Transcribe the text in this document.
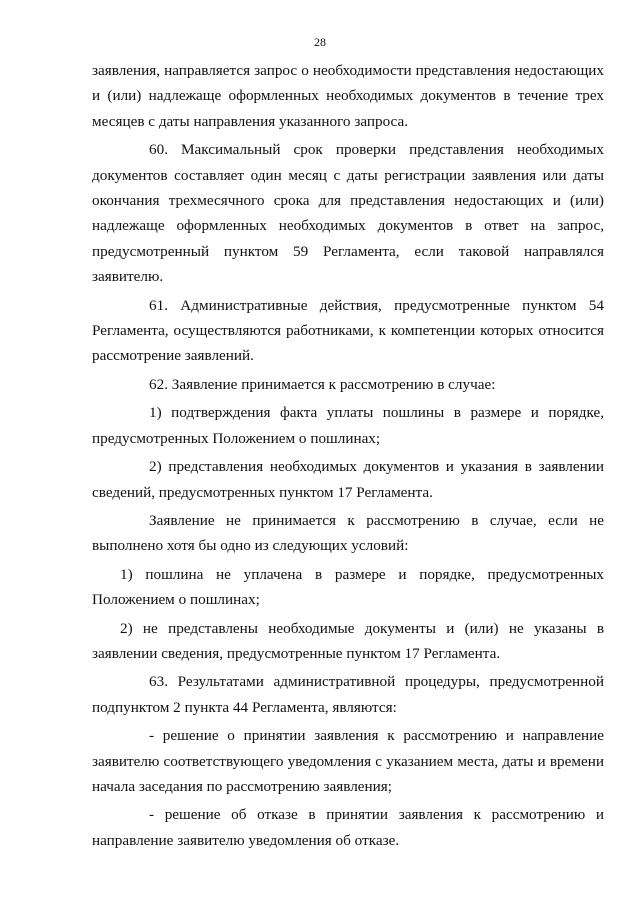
28

заявления, направляется запрос о необходимости представления недостающих и (или) надлежаще оформленных необходимых документов в течение трех месяцев с даты направления указанного запроса.

60. Максимальный срок проверки представления необходимых документов составляет один месяц с даты регистрации заявления или даты окончания трехмесячного срока для представления недостающих и (или) надлежаще оформленных необходимых документов в ответ на запрос, предусмотренный пунктом 59 Регламента, если таковой направлялся заявителю.

61. Административные действия, предусмотренные пунктом 54 Регламента, осуществляются работниками, к компетенции которых относится рассмотрение заявлений.

62. Заявление принимается к рассмотрению в случае:

1) подтверждения факта уплаты пошлины в размере и порядке, предусмотренных Положением о пошлинах;

2) представления необходимых документов и указания в заявлении сведений, предусмотренных пунктом 17 Регламента.

Заявление не принимается к рассмотрению в случае, если не выполнено хотя бы одно из следующих условий:

1) пошлина не уплачена в размере и порядке, предусмотренных Положением о пошлинах;

2) не представлены необходимые документы и (или) не указаны в заявлении сведения, предусмотренные пунктом 17 Регламента.

63. Результатами административной процедуры, предусмотренной подпунктом 2 пункта 44 Регламента, являются:

- решение о принятии заявления к рассмотрению и направление заявителю соответствующего уведомления с указанием места, даты и времени начала заседания по рассмотрению заявления;

- решение об отказе в принятии заявления к рассмотрению и направление заявителю уведомления об отказе.
